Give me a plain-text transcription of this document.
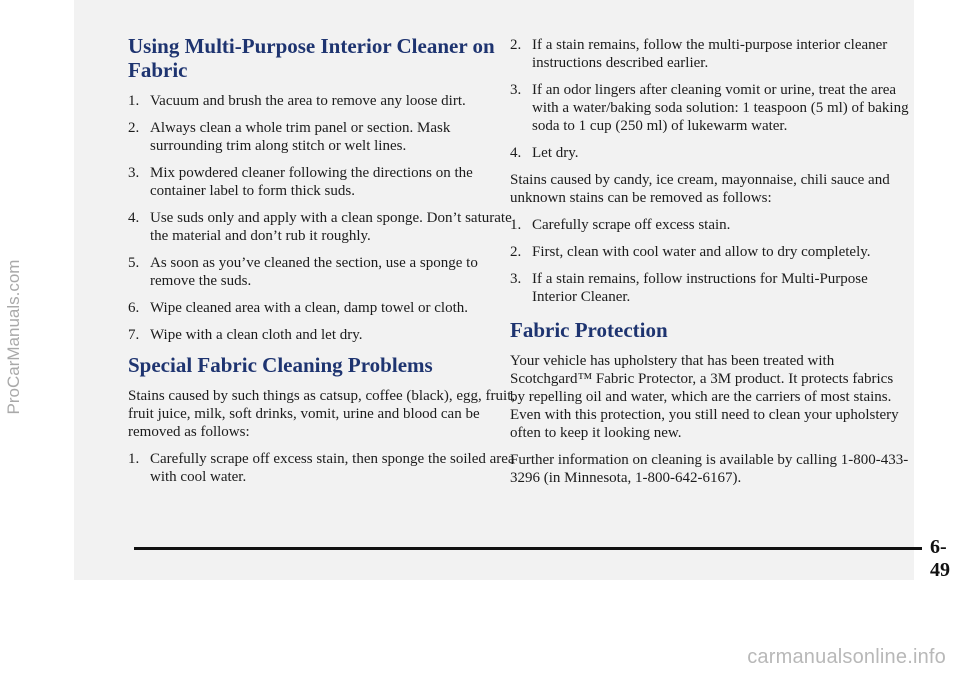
Using Multi-Purpose Interior Cleaner on Fabric
1. Vacuum and brush the area to remove any loose dirt.
2. Always clean a whole trim panel or section. Mask surrounding trim along stitch or welt lines.
3. Mix powdered cleaner following the directions on the container label to form thick suds.
4. Use suds only and apply with a clean sponge. Don’t saturate the material and don’t rub it roughly.
5. As soon as you’ve cleaned the section, use a sponge to remove the suds.
6. Wipe cleaned area with a clean, damp towel or cloth.
7. Wipe with a clean cloth and let dry.
Special Fabric Cleaning Problems

Stains caused by such things as catsup, coffee (black), egg, fruit, fruit juice, milk, soft drinks, vomit, urine and blood can be removed as follows:

1. Carefully scrape off excess stain, then sponge the soiled area with cool water.
2. If a stain remains, follow the multi-purpose interior cleaner instructions described earlier.
3. If an odor lingers after cleaning vomit or urine, treat the area with a water/baking soda solution: 1 teaspoon (5 ml) of baking soda to 1 cup (250 ml) of lukewarm water.
4. Let dry.

Stains caused by candy, ice cream, mayonnaise, chili sauce and unknown stains can be removed as follows:

1. Carefully scrape off excess stain.
2. First, clean with cool water and allow to dry completely.
3. If a stain remains, follow instructions for Multi-Purpose Interior Cleaner.
Fabric Protection

Your vehicle has upholstery that has been treated with Scotchgard™ Fabric Protector, a 3M product. It protects fabrics by repelling oil and water, which are the carriers of most stains. Even with this protection, you still need to clean your upholstery often to keep it looking new.

Further information on cleaning is available by calling 1-800-433-3296 (in Minnesota, 1-800-642-6167).

6-49
ProCarManuals.com
carmanualsonline.info
